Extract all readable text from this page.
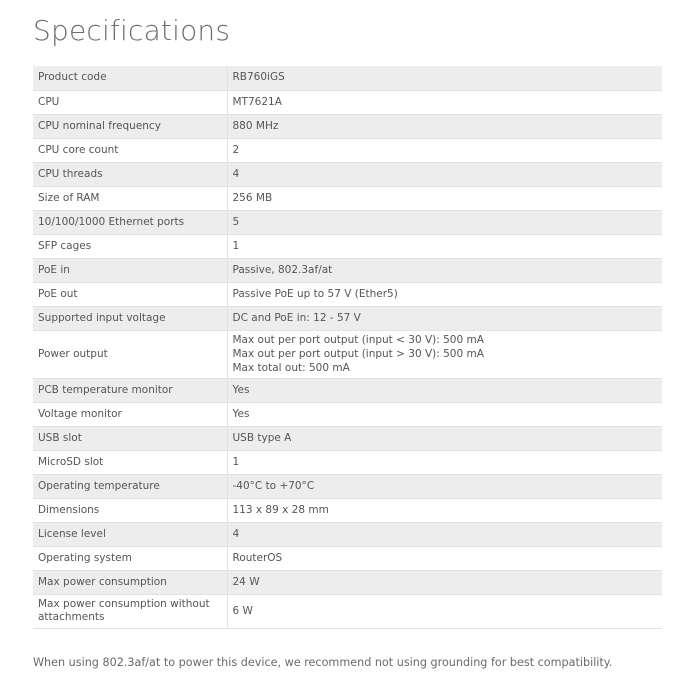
Specifications
Product code	RB760iGS
CPU	MT7621A
CPU nominal frequency	880 MHz
CPU core count	2
CPU threads	4
Size of RAM	256 MB
10/100/1000 Ethernet ports	5
SFP cages	1
PoE in	Passive, 802.3af/at
PoE out	Passive PoE up to 57 V (Ether5)
Supported input voltage	DC and PoE in: 12 - 57 V
Power output	Max out per port output (input < 30 V): 500 mA
Max out per port output (input > 30 V): 500 mA
Max total out: 500 mA

PCB temperature monitor	Yes
Voltage monitor	Yes
USB slot	USB type A
MicroSD slot	1
Operating temperature	-40°C to +70°C
Dimensions	113 x 89 x 28 mm
License level	4
Operating system	RouterOS
Max power consumption	24 W
Max power consumption without attachments	6 W

When using 802.3af/at to power this device, we recommend not using grounding for best compatibility.
